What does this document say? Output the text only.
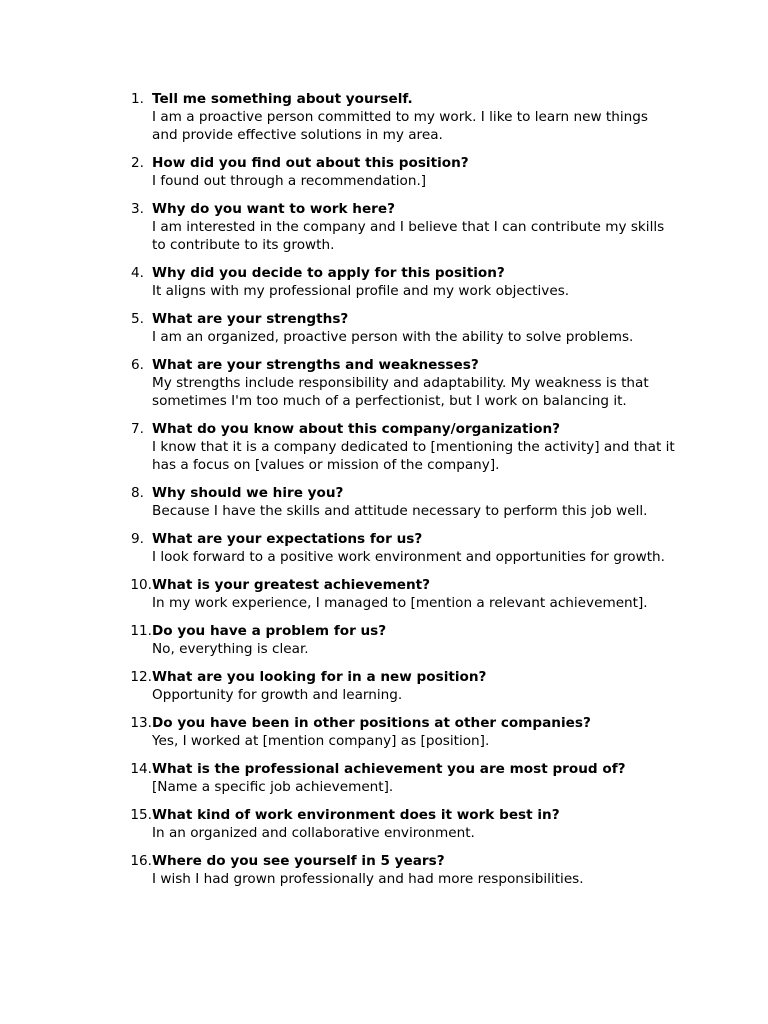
1. Tell me something about yourself.

I am a proactive person committed to my work. I like to learn new things and provide effective solutions in my area.

2. How did you find out about this position?

I found out through a recommendation.]

3. Why do you want to work here?

I am interested in the company and I believe that I can contribute my skills to contribute to its growth.

4. Why did you decide to apply for this position?

It aligns with my professional profile and my work objectives.

5. What are your strengths?

I am an organized, proactive person with the ability to solve problems.

6. What are your strengths and weaknesses?

My strengths include responsibility and adaptability. My weakness is that sometimes I'm too much of a perfectionist, but I work on balancing it.

7. What do you know about this company/organization?

I know that it is a company dedicated to [mentioning the activity] and that it has a focus on [values or mission of the company].

8. Why should we hire you?

Because I have the skills and attitude necessary to perform this job well.

9. What are your expectations for us?

I look forward to a positive work environment and opportunities for growth.

10. What is your greatest achievement?

In my work experience, I managed to [mention a relevant achievement].

11. Do you have a problem for us?

No, everything is clear.

12. What are you looking for in a new position?

Opportunity for growth and learning.

13. Do you have been in other positions at other companies?

Yes, I worked at [mention company] as [position].

14. What is the professional achievement you are most proud of?

[Name a specific job achievement].

15. What kind of work environment does it work best in?

In an organized and collaborative environment.

16. Where do you see yourself in 5 years?

I wish I had grown professionally and had more responsibilities.
